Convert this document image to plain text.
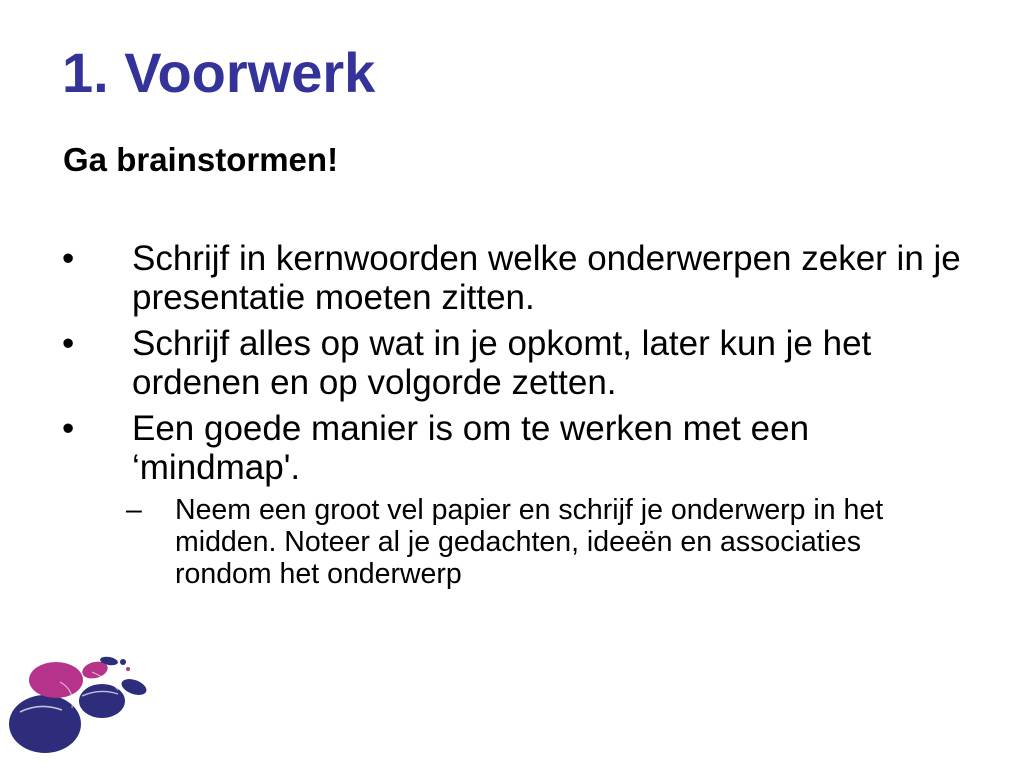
1. Voorwerk
Ga brainstormen!
•	Schrijf in kernwoorden welke onderwerpen zeker in je presentatie moeten zitten.
•	Schrijf alles op wat in je opkomt, later kun je het ordenen en op volgorde zetten.
•	Een goede manier is om te werken met een ‘mindmap'.
– Neem een groot vel papier en schrijf je onderwerp in het midden. Noteer al je gedachten, ideeën en associaties rondom het onderwerp
